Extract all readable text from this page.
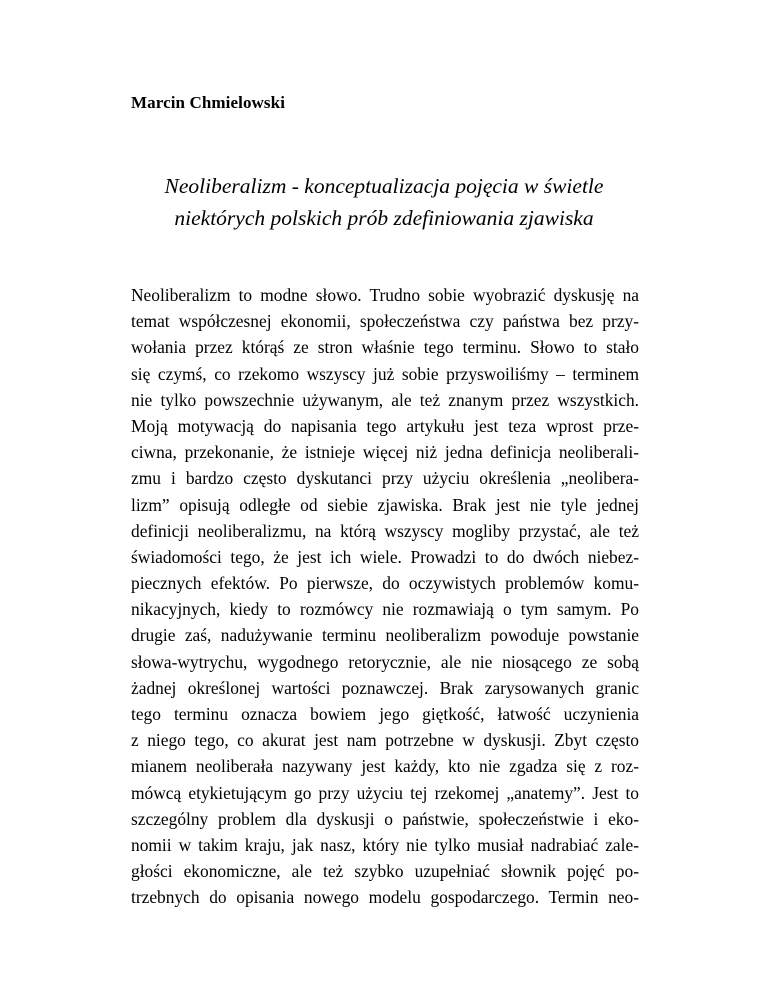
Marcin Chmielowski

Neoliberalizm - konceptualizacja pojęcia w świetle
niektórych polskich prób zdefiniowania zjawiska
Neoliberalizm to modne słowo. Trudno sobie wyobrazić dyskusję na
temat współczesnej ekonomii, społeczeństwa czy państwa bez przy-
wołania przez którąś ze stron właśnie tego terminu. Słowo to stało
się czymś, co rzekomo wszyscy już sobie przyswoiliśmy – terminem
nie tylko powszechnie używanym, ale też znanym przez wszystkich.
Moją motywacją do napisania tego artykułu jest teza wprost prze-
ciwna, przekonanie, że istnieje więcej niż jedna definicja neoliberali-
zmu i bardzo często dyskutanci przy użyciu określenia „neolibera-
lizm” opisują odległe od siebie zjawiska. Brak jest nie tyle jednej
definicji neoliberalizmu, na którą wszyscy mogliby przystać, ale też
świadomości tego, że jest ich wiele. Prowadzi to do dwóch niebez-
piecznych efektów. Po pierwsze, do oczywistych problemów komu-
nikacyjnych, kiedy to rozmówcy nie rozmawiają o tym samym. Po
drugie zaś, nadużywanie terminu neoliberalizm powoduje powstanie
słowa-wytrychu, wygodnego retorycznie, ale nie niosącego ze sobą
żadnej określonej wartości poznawczej. Brak zarysowanych granic
tego terminu oznacza bowiem jego giętkość, łatwość uczynienia
z niego tego, co akurat jest nam potrzebne w dyskusji. Zbyt często
mianem neoliberała nazywany jest każdy, kto nie zgadza się z roz-
mówcą etykietującym go przy użyciu tej rzekomej „anatemy”. Jest to
szczególny problem dla dyskusji o państwie, społeczeństwie i eko-
nomii w takim kraju, jak nasz, który nie tylko musiał nadrabiać zale-
głości ekonomiczne, ale też szybko uzupełniać słownik pojęć po-
trzebnych do opisania nowego modelu gospodarczego. Termin neo-
